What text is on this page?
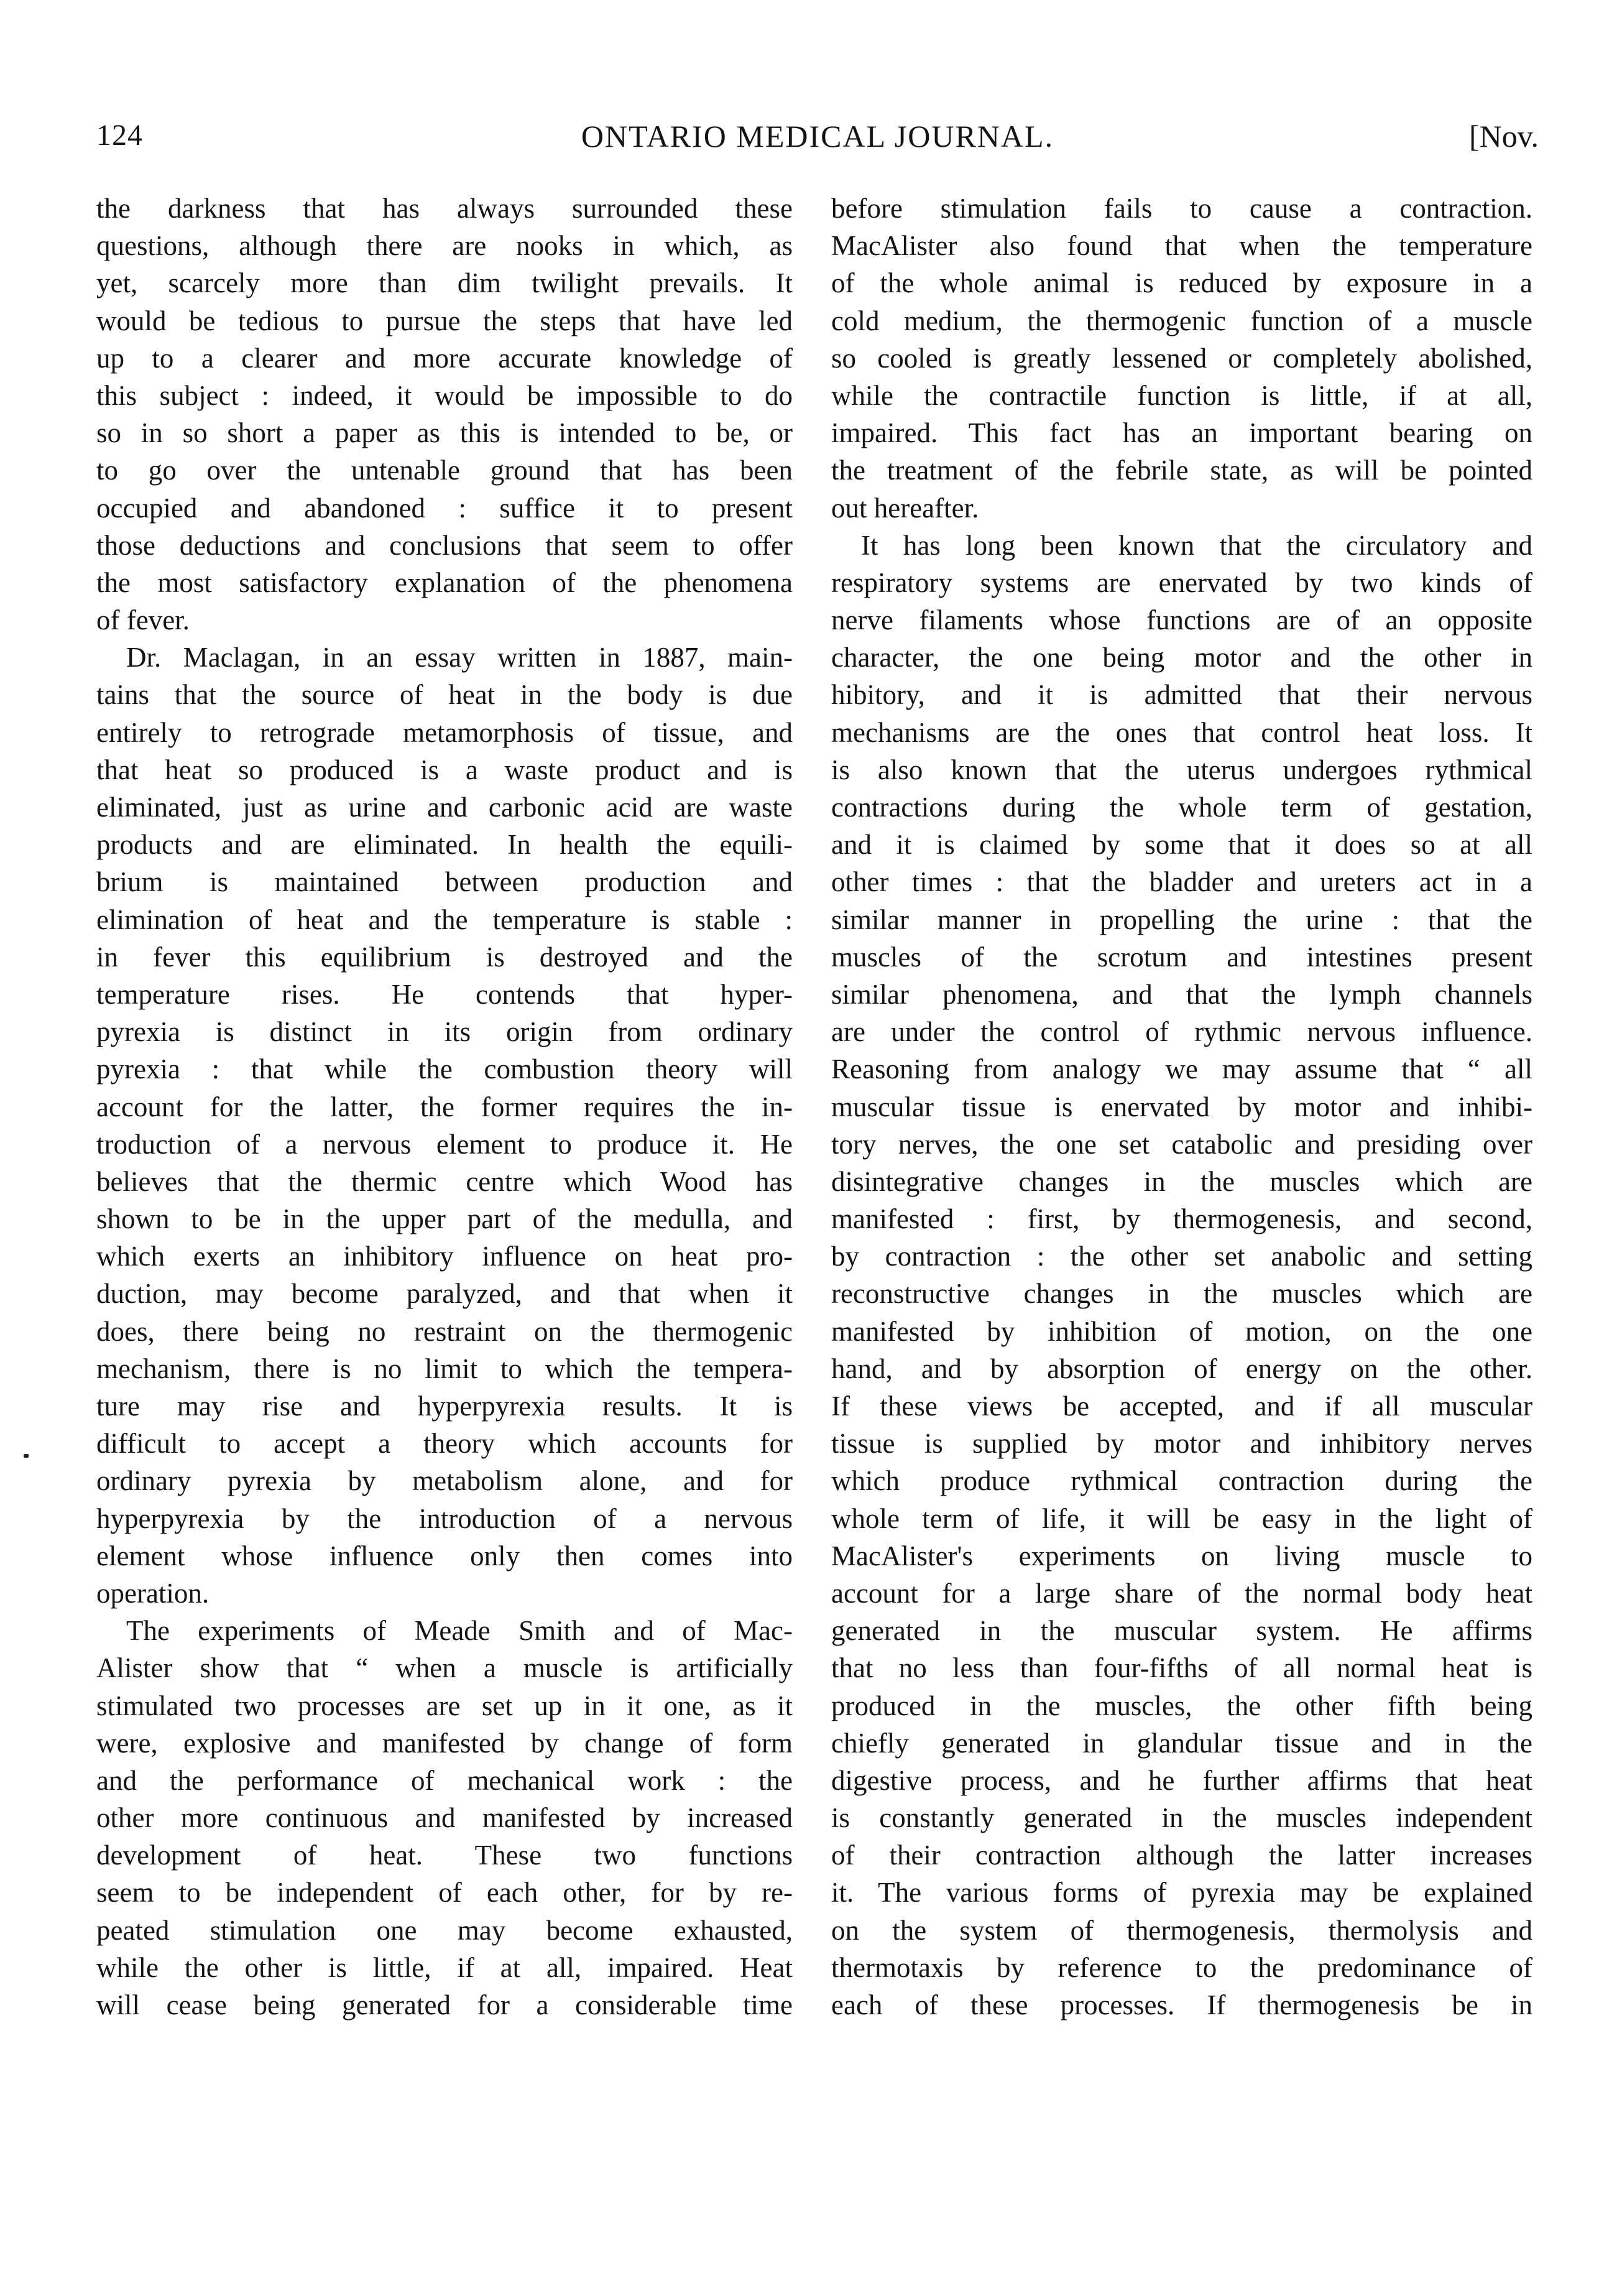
124	ONTARIO MEDICAL JOURNAL.	[Nov.
the darkness that has always surrounded these
questions, although there are nooks in which, as
yet, scarcely more than dim twilight prevails. It
would be tedious to pursue the steps that have led
up to a clearer and more accurate knowledge of
this subject : indeed, it would be impossible to do
so in so short a paper as this is intended to be, or
to go over the untenable ground that has been
occupied and abandoned : suffice it to present
those deductions and conclusions that seem to offer
the most satisfactory explanation of the phenomena
of fever.
Dr. Maclagan, in an essay written in 1887, main-
tains that the source of heat in the body is due
entirely to retrograde metamorphosis of tissue, and
that heat so produced is a waste product and is
eliminated, just as urine and carbonic acid are waste
products and are eliminated. In health the equili-
brium is maintained between production and
elimination of heat and the temperature is stable :
in fever this equilibrium is destroyed and the
temperature rises. He contends that hyper-
pyrexia is distinct in its origin from ordinary
pyrexia : that while the combustion theory will
account for the latter, the former requires the in-
troduction of a nervous element to produce it. He
believes that the thermic centre which Wood has
shown to be in the upper part of the medulla, and
which exerts an inhibitory influence on heat pro-
duction, may become paralyzed, and that when it
does, there being no restraint on the thermogenic
mechanism, there is no limit to which the tempera-
ture may rise and hyperpyrexia results. It is
difficult to accept a theory which accounts for
ordinary pyrexia by metabolism alone, and for
hyperpyrexia by the introduction of a nervous
element whose influence only then comes into
operation.
The experiments of Meade Smith and of Mac-
Alister show that “ when a muscle is artificially
stimulated two processes are set up in it one, as it
were, explosive and manifested by change of form
and the performance of mechanical work : the
other more continuous and manifested by increased
development of heat. These two functions
seem to be independent of each other, for by re-
peated stimulation one may become exhausted,
while the other is little, if at all, impaired. Heat
will cease being generated for a considerable time
before stimulation fails to cause a contraction.
MacAlister also found that when the temperature
of the whole animal is reduced by exposure in a
cold medium, the thermogenic function of a muscle
so cooled is greatly lessened or completely abolished,
while the contractile function is little, if at all,
impaired. This fact has an important bearing on
the treatment of the febrile state, as will be pointed
out hereafter.
It has long been known that the circulatory and
respiratory systems are enervated by two kinds of
nerve filaments whose functions are of an opposite
character, the one being motor and the other in
hibitory, and it is admitted that their nervous
mechanisms are the ones that control heat loss. It
is also known that the uterus undergoes rythmical
contractions during the whole term of gestation,
and it is claimed by some that it does so at all
other times : that the bladder and ureters act in a
similar manner in propelling the urine : that the
muscles of the scrotum and intestines present
similar phenomena, and that the lymph channels
are under the control of rythmic nervous influence.
Reasoning from analogy we may assume that “ all
muscular tissue is enervated by motor and inhibi-
tory nerves, the one set catabolic and presiding over
disintegrative changes in the muscles which are
manifested : first, by thermogenesis, and second,
by contraction : the other set anabolic and setting
reconstructive changes in the muscles which are
manifested by inhibition of motion, on the one
hand, and by absorption of energy on the other.
If these views be accepted, and if all muscular
tissue is supplied by motor and inhibitory nerves
which produce rythmical contraction during the
whole term of life, it will be easy in the light of
MacAlister's experiments on living muscle to
account for a large share of the normal body heat
generated in the muscular system. He affirms
that no less than four-fifths of all normal heat is
produced in the muscles, the other fifth being
chiefly generated in glandular tissue and in the
digestive process, and he further affirms that heat
is constantly generated in the muscles independent
of their contraction although the latter increases
it. The various forms of pyrexia may be explained
on the system of thermogenesis, thermolysis and
thermotaxis by reference to the predominance of
each of these processes. If thermogenesis be in
